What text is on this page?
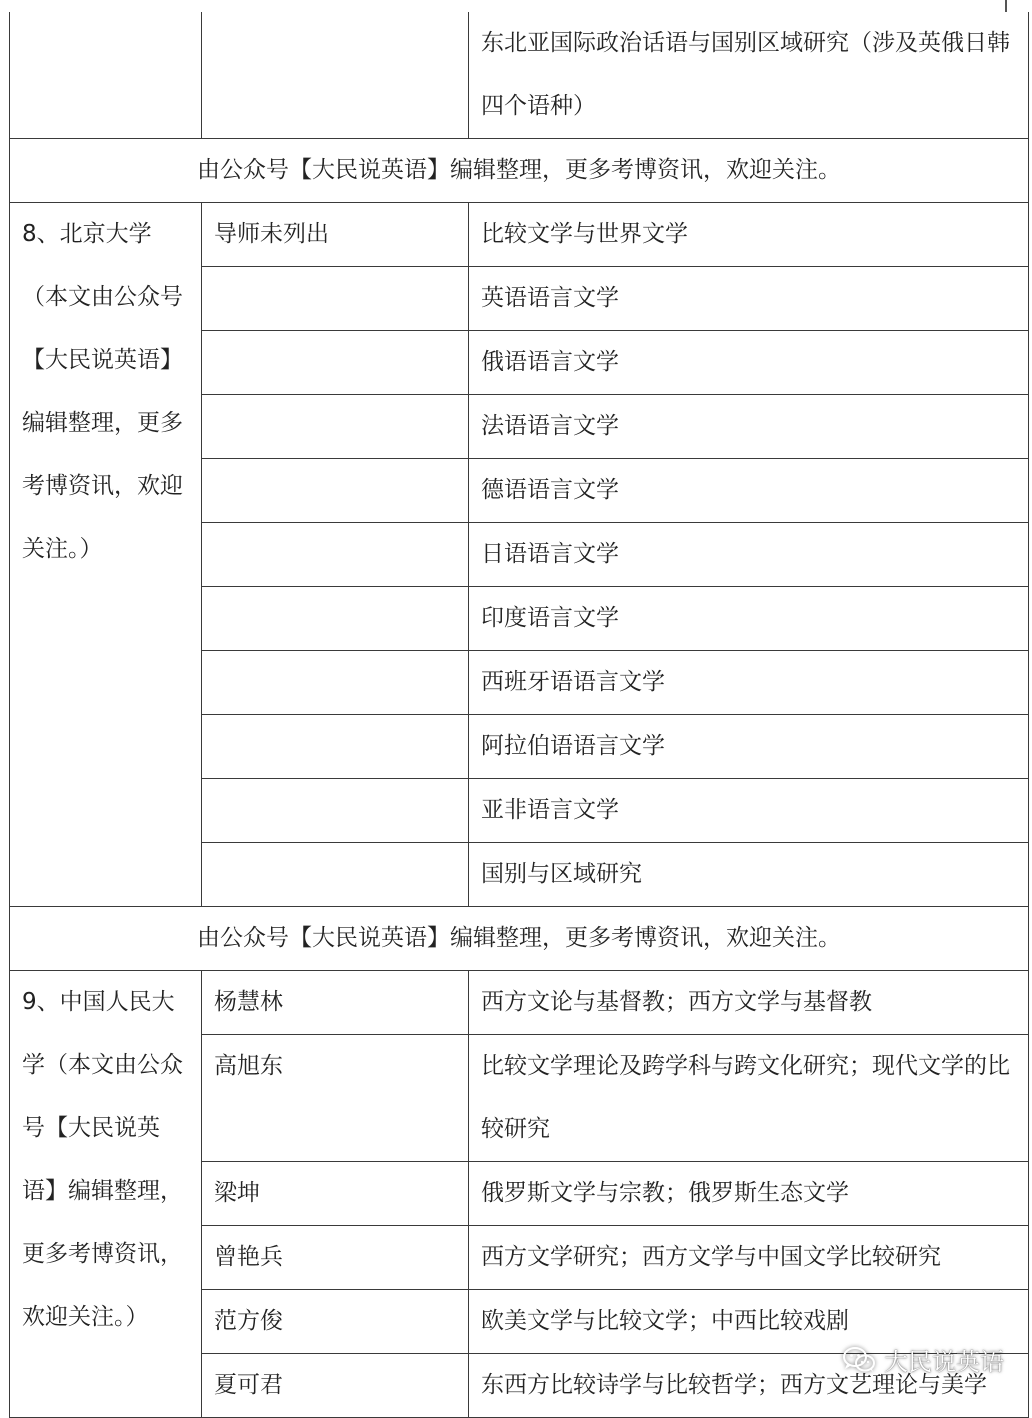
		东北亚国际政治话语与国别区域研究（涉及英俄日韩四个语种）
由公众号【大民说英语】编辑整理，更多考博资讯，欢迎关注。		
8、北京大学（本文由公众号【大民说英语】编辑整理，更多考博资讯，欢迎关注。）	导师未列出	比较文学与世界文学
		英语语言文学
		俄语语言文学
		法语语言文学
		德语语言文学
		日语语言文学
		印度语言文学
		西班牙语语言文学
		阿拉伯语语言文学
		亚非语言文学
		国别与区域研究
由公众号【大民说英语】编辑整理，更多考博资讯，欢迎关注。		
9、中国人民大学（本文由公众号【大民说英语】编辑整理，更多考博资讯，欢迎关注。）	杨慧林	西方文论与基督教；西方文学与基督教
	高旭东	比较文学理论及跨学科与跨文化研究；现代文学的比较研究
	梁坤	俄罗斯文学与宗教；俄罗斯生态文学
	曾艳兵	西方文学研究；西方文学与中国文学比较研究
	范方俊	欧美文学与比较文学；中西比较戏剧
	夏可君	东西方比较诗学与比较哲学；西方文艺理论与美学
大民说英语
